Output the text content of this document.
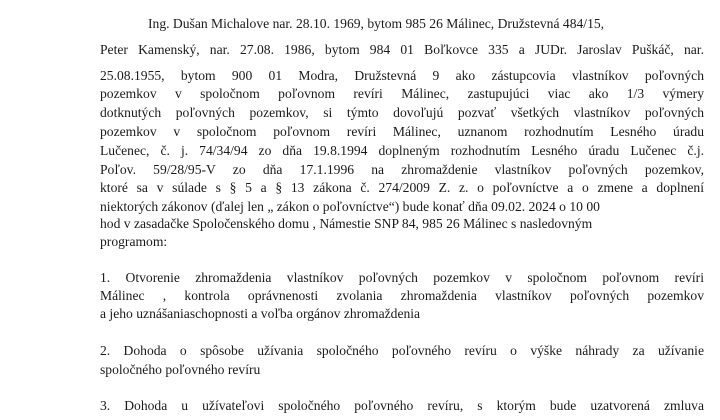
Ing. Dušan Michalove nar. 28.10. 1969, bytom 985 26 Málinec, Družstevná 484/15,
Peter Kamenský, nar. 27.08. 1986, bytom 984 01 Boľkovce 335 a JUDr. Jaroslav Puškáč, nar.
25.08.1955, bytom 900 01 Modra, Družstevná 9 ako zástupcovia vlastníkov poľovných
pozemkov v spoločnom poľovnom revíri Málinec, zastupujúci viac ako 1/3 výmery
dotknutých poľovných pozemkov, si týmto dovoľujú pozvať všetkých vlastníkov poľovných
pozemkov v spoločnom poľovnom revíri Málinec, uznanom rozhodnutím Lesného úradu
Lučenec, č. j. 74/34/94 zo dňa 19.8.1994 doplneným rozhodnutím Lesného úradu Lučenec č.j.
Poľov. 59/28/95-V zo dňa 17.1.1996 na zhromaždenie vlastníkov poľovných pozemkov,
ktoré sa v súlade s § 5 a § 13 zákona č. 274/2009 Z. z. o poľovníctve a o zmene a doplnení
niektorých zákonov (ďalej len „ zákon o poľovníctve“) bude konať dňa 09.02. 2024 o 10 00
hod v zasadačke Spoločenského domu , Námestie SNP 84, 985 26 Málinec s nasledovným
programom:
1. Otvorenie zhromaždenia vlastníkov poľovných pozemkov v spoločnom poľovnom revíri
Málinec , kontrola oprávnenosti zvolania zhromaždenia vlastníkov poľovných pozemkov
a jeho uznášaniaschopnosti a voľba orgánov zhromaždenia
2. Dohoda o spôsobe užívania spoločného poľovného revíru o výške náhrady za užívanie
spoločného poľovného revíru
3. Dohoda u užívateľovi spoločného poľovného revíru, s ktorým bude uzatvorená zmluva
